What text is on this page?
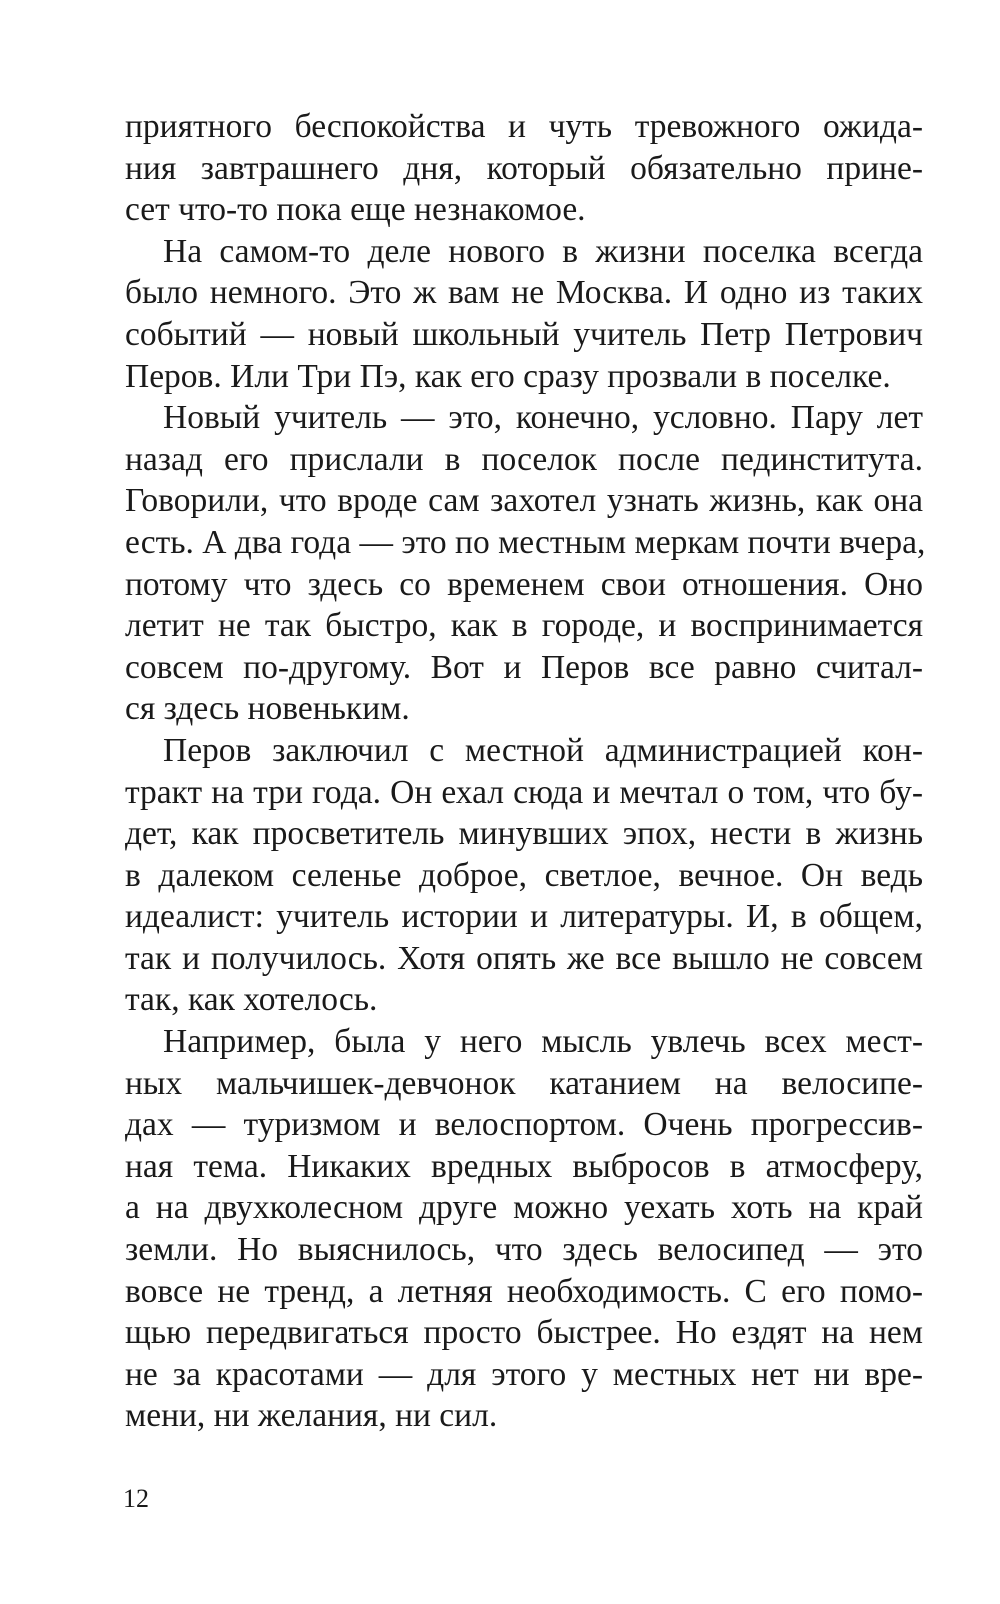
приятного беспокойства и чуть тревожного ожида-
ния завтрашнего дня, который обязательно прине-
сет что-то пока еще незнакомое.
На самом-то деле нового в жизни поселка всегда
было немного. Это ж вам не Москва. И одно из таких
событий — новый школьный учитель Петр Петрович
Перов. Или Три Пэ, как его сразу прозвали в поселке.
Новый учитель — это, конечно, условно. Пару лет
назад его прислали в поселок после пединститута.
Говорили, что вроде сам захотел узнать жизнь, как она
есть. А два года — это по местным меркам почти вчера,
потому что здесь со временем свои отношения. Оно
летит не так быстро, как в городе, и воспринимается
совсем по-другому. Вот и Перов все равно считал-
ся здесь новеньким.
Перов заключил с местной администрацией кон-
тракт на три года. Он ехал сюда и мечтал о том, что бу-
дет, как просветитель минувших эпох, нести в жизнь
в далеком селенье доброе, светлое, вечное. Он ведь
идеалист: учитель истории и литературы. И, в общем,
так и получилось. Хотя опять же все вышло не совсем
так, как хотелось.
Например, была у него мысль увлечь всех мест-
ных мальчишек-девчонок катанием на велосипе-
дах — туризмом и велоспортом. Очень прогрессив-
ная тема. Никаких вредных выбросов в атмосферу,
а на двухколесном друге можно уехать хоть на край
земли. Но выяснилось, что здесь велосипед — это
вовсе не тренд, а летняя необходимость. С его помо-
щью передвигаться просто быстрее. Но ездят на нем
не за красотами — для этого у местных нет ни вре-
мени, ни желания, ни сил.
12
